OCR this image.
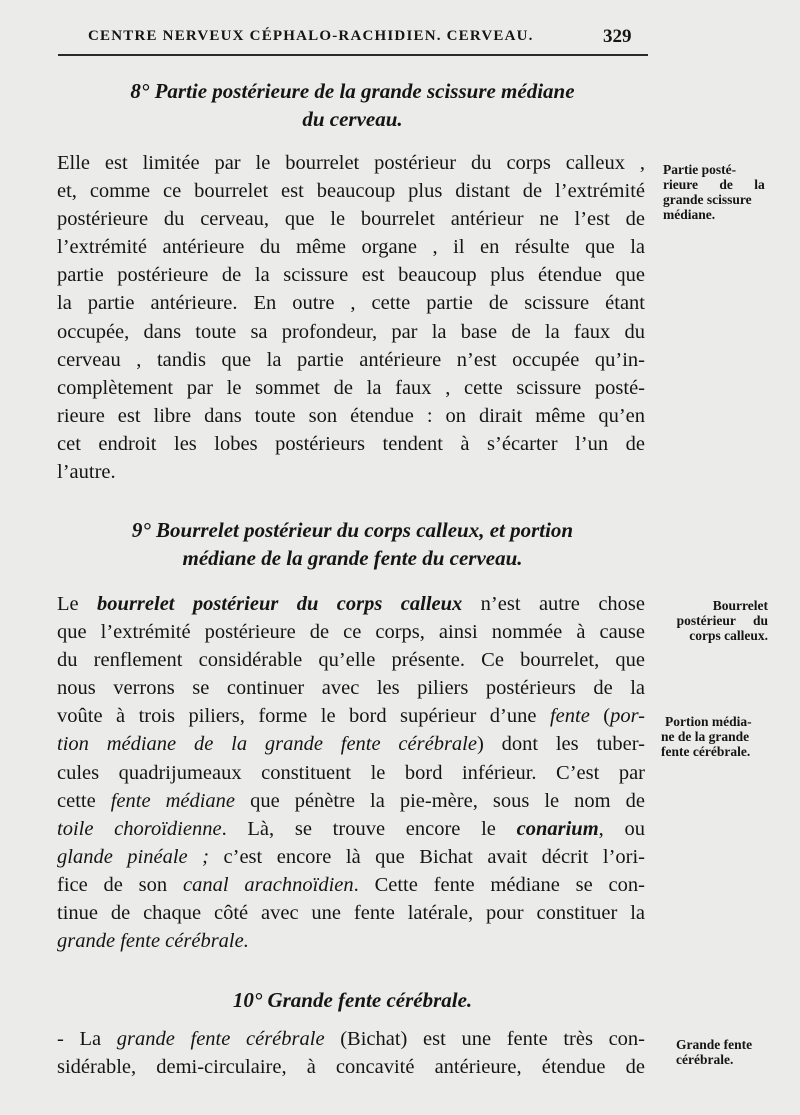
CENTRE NERVEUX CÉPHALO-RACHIDIEN. CERVEAU.	329
8° Partie postérieure de la grande scissure médiane
du cerveau.
Elle est limitée par le bourrelet postérieur du corps calleux ,
et, comme ce bourrelet est beaucoup plus distant de l’extrémité
postérieure du cerveau, que le bourrelet antérieur ne l’est de
l’extrémité antérieure du même organe , il en résulte que la
partie postérieure de la scissure est beaucoup plus étendue que
la partie antérieure. En outre , cette partie de scissure étant
occupée, dans toute sa profondeur, par la base de la faux du
cerveau , tandis que la partie antérieure n’est occupée qu’in-
complètement par le sommet de la faux , cette scissure posté-
rieure est libre dans toute son étendue : on dirait même qu’en
cet endroit les lobes postérieurs tendent à s’écarter l’un de
l’autre.
Partie posté-
rieure de la
grande scissure
médiane.
9° Bourrelet postérieur du corps calleux, et portion
médiane de la grande fente du cerveau.
Le bourrelet postérieur du corps calleux n’est autre chose
que l’extrémité postérieure de ce corps, ainsi nommée à cause
du renflement considérable qu’elle présente. Ce bourrelet, que
nous verrons se continuer avec les piliers postérieurs de la
voûte à trois piliers, forme le bord supérieur d’une fente (por-
tion médiane de la grande fente cérébrale) dont les tuber-
cules quadrijumeaux constituent le bord inférieur. C’est par
cette fente médiane que pénètre la pie-mère, sous le nom de
toile choroïdienne. Là, se trouve encore le conarium, ou
glande pinéale ; c’est encore là que Bichat avait décrit l’ori-
fice de son canal arachnoïdien. Cette fente médiane se con-
tinue de chaque côté avec une fente latérale, pour constituer la
grande fente cérébrale.
Bourrelet
postérieur du
corps calleux.
Portion média-
ne de la grande
fente cérébrale.
10° Grande fente cérébrale.
- La grande fente cérébrale (Bichat) est une fente très con-
sidérable, demi-circulaire, à concavité antérieure, étendue de
Grande fente
cérébrale.
